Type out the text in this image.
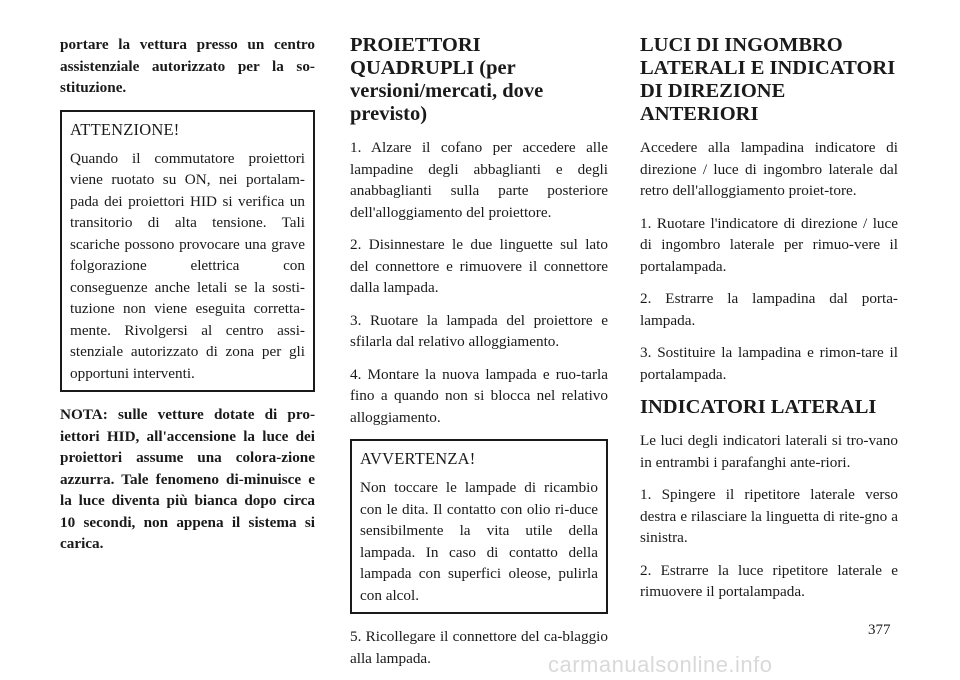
portare la vettura presso un centro assistenziale autorizzato per la so-stituzione.

ATTENZIONE!

Quando il commutatore proiettori viene ruotato su ON, nei portalam-pada dei proiettori HID si verifica un transitorio di alta tensione. Tali scariche possono provocare una grave folgorazione elettrica con conseguenze anche letali se la sosti-tuzione non viene eseguita corretta-mente. Rivolgersi al centro assi-stenziale autorizzato di zona per gli opportuni interventi.

NOTA: sulle vetture dotate di pro-iettori HID, all'accensione la luce dei proiettori assume una colora-zione azzurra. Tale fenomeno di-minuisce e la luce diventa più bianca dopo circa 10 secondi, non appena il sistema si carica.

PROIETTORI QUADRUPLI (per versioni/mercati, dove previsto)

1. Alzare il cofano per accedere alle lampadine degli abbaglianti e degli anabbaglianti sulla parte posteriore dell'alloggiamento del proiettore.

2. Disinnestare le due linguette sul lato del connettore e rimuovere il connettore dalla lampada.

3. Ruotare la lampada del proiettore e sfilarla dal relativo alloggiamento.

4. Montare la nuova lampada e ruo-tarla fino a quando non si blocca nel relativo alloggiamento.

AVVERTENZA!

Non toccare le lampade di ricambio con le dita. Il contatto con olio ri-duce sensibilmente la vita utile della lampada. In caso di contatto della lampada con superfici oleose, pulirla con alcol.

5. Ricollegare il connettore del ca-blaggio alla lampada.

LUCI DI INGOMBRO LATERALI E INDICATORI DI DIREZIONE ANTERIORI

Accedere alla lampadina indicatore di direzione / luce di ingombro laterale dal retro dell'alloggiamento proiet-tore.

1. Ruotare l'indicatore di direzione / luce di ingombro laterale per rimuo-vere il portalampada.

2. Estrarre la lampadina dal porta-lampada.

3. Sostituire la lampadina e rimon-tare il portalampada.

INDICATORI LATERALI

Le luci degli indicatori laterali si tro-vano in entrambi i parafanghi ante-riori.

1. Spingere il ripetitore laterale verso destra e rilasciare la linguetta di rite-gno a sinistra.

2. Estrarre la luce ripetitore laterale e rimuovere il portalampada.

377
carmanualsonline.info
